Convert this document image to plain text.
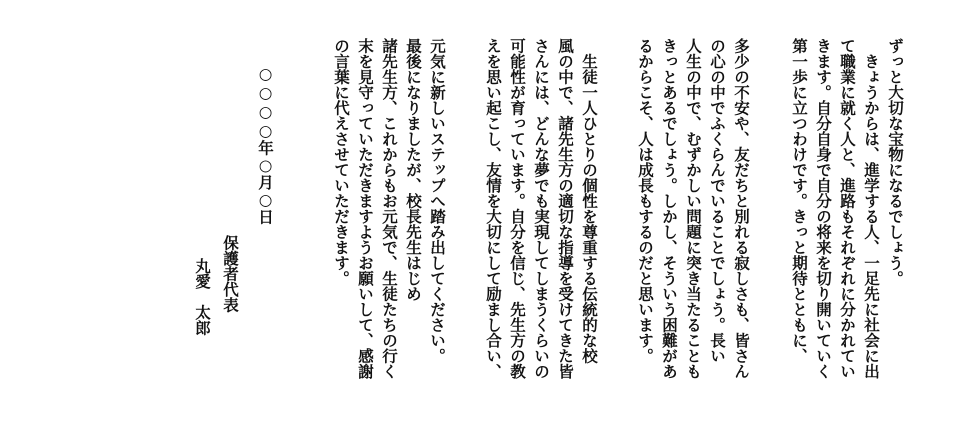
ずっと大切な宝物になるでしょう。
　きょうからは、進学する人、一足先に社会に出
て職業に就く人と、進路もそれぞれに分かれてい
きます。自分自身で自分の将来を切り開いていく
第一歩に立つわけです。きっと期待とともに、
多少の不安や、友だちと別れる寂しさも、皆さん
の心の中でふくらんでいることでしょう。長い
人生の中で、むずかしい問題に突き当たることも
きっとあるでしょう。しかし、そういう困難があ
るからこそ、人は成長もするのだと思います。
　生徒一人ひとりの個性を尊重する伝統的な校
風の中で、諸先生方の適切な指導を受けてきた皆
さんには、どんな夢でも実現してしまうくらいの
可能性が育っています。自分を信じ、先生方の教
えを思い起こし、友情を大切にして励まし合い、
元気に新しいステップへ踏み出してください。
最後になりましたが、校長先生はじめ
諸先生方、これからもお元気で、生徒たちの行く
末を見守っていただきますようお願いして、感謝
の言葉に代えさせていただきます。
○○○○年○月○日
保護者代表
丸愛　太郎
